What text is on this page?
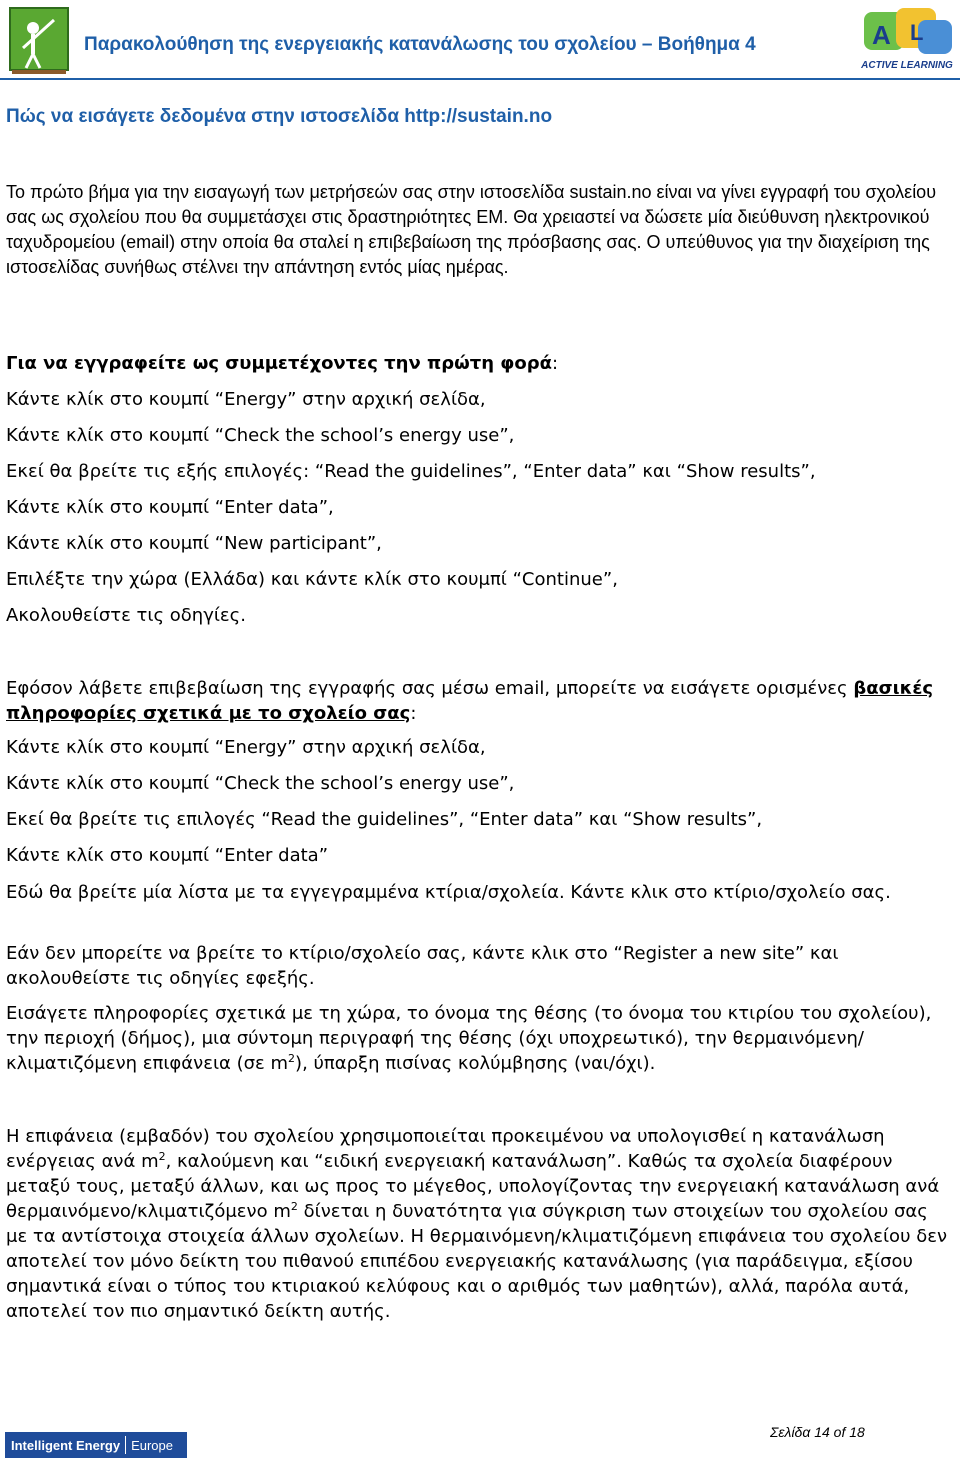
Παρακολούθηση της ενεργειακής κατανάλωσης του σχολείου – Βοήθημα 4	A L
ACTIVE LEARNING
Πώς να εισάγετε δεδομένα στην ιστοσελίδα http://sustain.no
Το πρώτο βήμα για την εισαγωγή των μετρήσεών σας στην ιστοσελίδα sustain.no είναι να γίνει εγγραφή του σχολείου σας ως σχολείου που θα συμμετάσχει στις δραστηριότητες ΕΜ. Θα χρειαστεί να δώσετε μία διεύθυνση ηλεκτρονικού ταχυδρομείου (email) στην οποία θα σταλεί η επιβεβαίωση της πρόσβασης σας. Ο υπεύθυνος για την διαχείριση της ιστοσελίδας συνήθως στέλνει την απάντηση εντός μίας ημέρας.
Για να εγγραφείτε ως συμμετέχοντες την πρώτη φορά:
Κάντε κλίκ στο κουμπί “Energy” στην αρχική σελίδα,
Κάντε κλίκ στο κουμπί “Check the school’s energy use”,
Εκεί θα βρείτε τις εξής επιλογές: “Read the guidelines”, “Enter data” και “Show results”,
Κάντε κλίκ στο κουμπί “Enter data”,
Κάντε κλίκ στο κουμπί “New participant”,
Επιλέξτε την χώρα (Ελλάδα) και κάντε κλίκ στο κουμπί “Continue”,
Ακολουθείστε τις οδηγίες.
Εφόσον λάβετε επιβεβαίωση της εγγραφής σας μέσω email, μπορείτε να εισάγετε ορισμένες βασικές πληροφορίες σχετικά με το σχολείο σας:
Κάντε κλίκ στο κουμπί “Energy” στην αρχική σελίδα,
Κάντε κλίκ στο κουμπί “Check the school’s energy use”,
Εκεί θα βρείτε τις επιλογές “Read the guidelines”, “Enter data” και “Show results”,
Κάντε κλίκ στο κουμπί “Enter data”
Εδώ θα βρείτε μία λίστα με τα εγγεγραμμένα κτίρια/σχολεία. Κάντε κλικ στο κτίριο/σχολείο σας.
Εάν δεν μπορείτε να βρείτε το κτίριο/σχολείο σας, κάντε κλικ στο “Register a new site” και ακολουθείστε τις οδηγίες εφεξής.
Εισάγετε πληροφορίες σχετικά με τη χώρα, το όνομα της θέσης (το όνομα του κτιρίου του σχολείου), την περιοχή (δήμος), μια σύντομη περιγραφή της θέσης (όχι υποχρεωτικό), την θερμαινόμενη/κλιματιζόμενη επιφάνεια (σε $m^2$), ύπαρξη πισίνας κολύμβησης (ναι/όχι).
Η επιφάνεια (εμβαδόν) του σχολείου χρησιμοποιείται προκειμένου να υπολογισθεί η κατανάλωση ενέργειας ανά $m^2$, καλούμενη και “ειδική ενεργειακή κατανάλωση”. Καθώς τα σχολεία διαφέρουν μεταξύ τους, μεταξύ άλλων, και ως προς το μέγεθος, υπολογίζοντας την ενεργειακή κατανάλωση ανά θερμαινόμενο/κλιματιζόμενο $m^2$ δίνεται η δυνατότητα για σύγκριση των στοιχείων του σχολείου σας με τα αντίστοιχα στοιχεία άλλων σχολείων. Η θερμαινόμενη/κλιματιζόμενη επιφάνεια του σχολείου δεν αποτελεί τον μόνο δείκτη του πιθανού επιπέδου ενεργειακής κατανάλωσης (για παράδειγμα, εξίσου σημαντικά είναι ο τύπος του κτιριακού κελύφους και ο αριθμός των μαθητών), αλλά, παρόλα αυτά, αποτελεί τον πιο σημαντικό δείκτη αυτής.
Intelligent Energy Europe
Σελίδα 14 of 18
